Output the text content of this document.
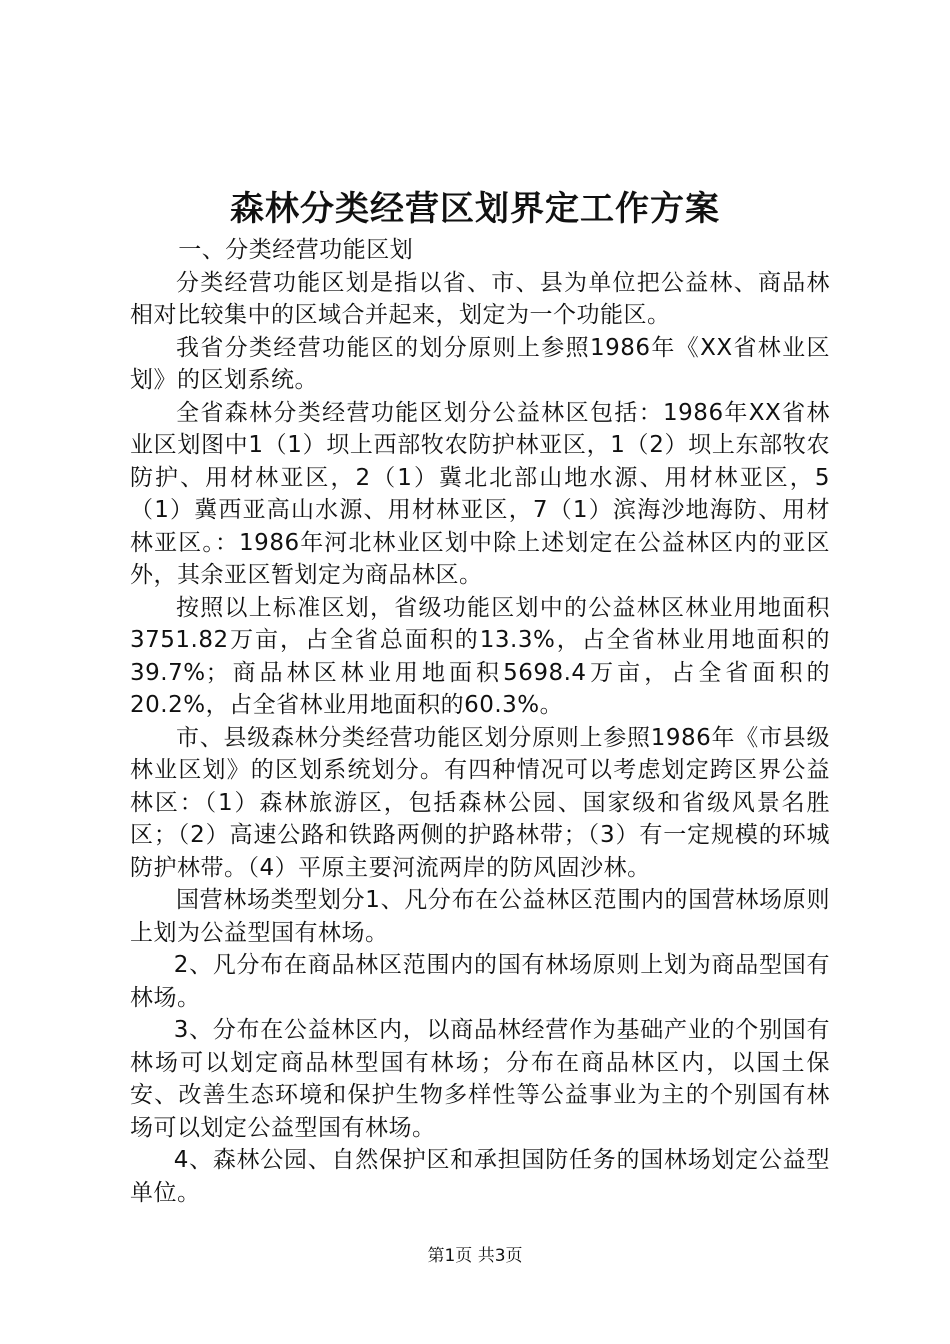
森林分类经营区划界定工作方案

一、分类经营功能区划

分类经营功能区划是指以省、市、县为单位把公益林、商品林相对比较集中的区域合并起来，划定为一个功能区。

我省分类经营功能区的划分原则上参照1986年《XX省林业区划》的区划系统。

全省森林分类经营功能区划分公益林区包括：1986年XX省林业区划图中1（1）坝上西部牧农防护林亚区，1（2）坝上东部牧农防护、用材林亚区，2（1）冀北北部山地水源、用材林亚区，5（1）冀西亚高山水源、用材林亚区，7（1）滨海沙地海防、用材林亚区。：1986年河北林业区划中除上述划定在公益林区内的亚区外，其余亚区暂划定为商品林区。

按照以上标准区划，省级功能区划中的公益林区林业用地面积3751.82万亩，占全省总面积的13.3%，占全省林业用地面积的39.7%；商品林区林业用地面积5698.4万亩，占全省面积的20.2%，占全省林业用地面积的60.3%。

市、县级森林分类经营功能区划分原则上参照1986年《市县级林业区划》的区划系统划分。有四种情况可以考虑划定跨区界公益林区：（1）森林旅游区，包括森林公园、国家级和省级风景名胜区；（2）高速公路和铁路两侧的护路林带；（3）有一定规模的环城防护林带。（4）平原主要河流两岸的防风固沙林。

国营林场类型划分1、凡分布在公益林区范围内的国营林场原则上划为公益型国有林场。

2、凡分布在商品林区范围内的国有林场原则上划为商品型国有林场。

3、分布在公益林区内，以商品林经营作为基础产业的个别国有林场可以划定商品林型国有林场；分布在商品林区内，以国土保安、改善生态环境和保护生物多样性等公益事业为主的个别国有林场可以划定公益型国有林场。

4、森林公园、自然保护区和承担国防任务的国林场划定公益型单位。

第1页 共3页
